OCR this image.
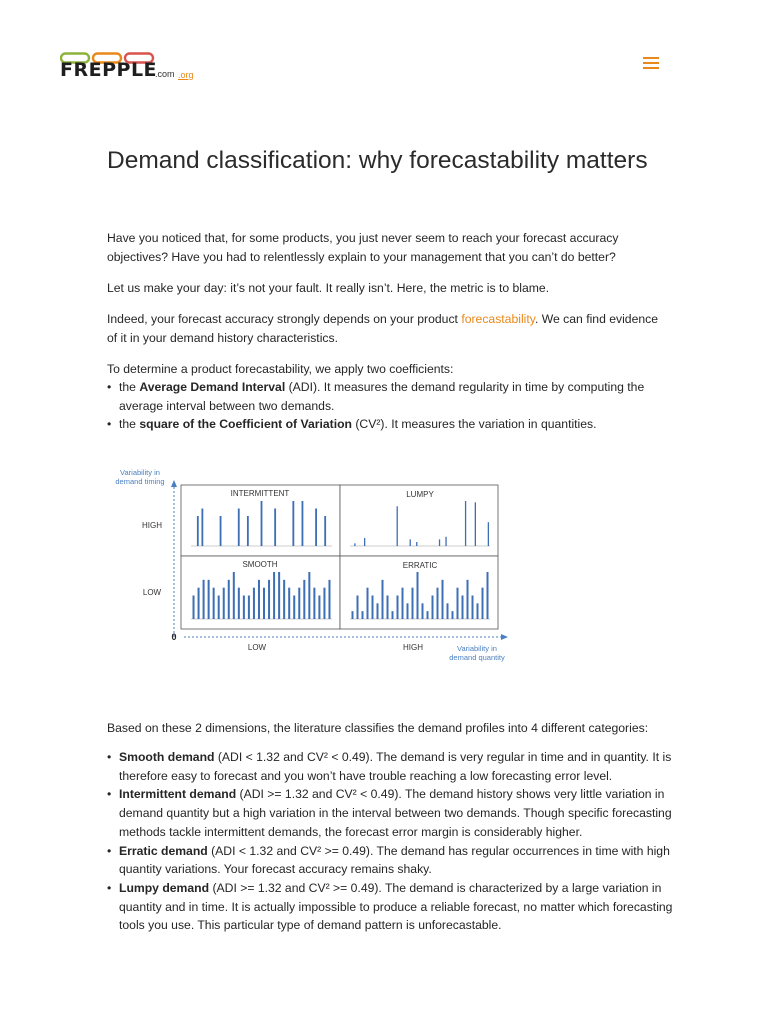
FREPPLE
.com .org
Demand classification: why forecastability matters

Have you noticed that, for some products, you just never seem to reach your forecast accuracy objectives? Have you had to relentlessly explain to your management that you can’t do better?

Let us make your day: it’s not your fault. It really isn’t. Here, the metric is to blame.

Indeed, your forecast accuracy strongly depends on your product forecastability. We can find evidence of it in your demand history characteristics.

To determine a product forecastability, we apply two coefficients:

• the Average Demand Interval (ADI). It measures the demand regularity in time by computing the average interval between two demands.
• the square of the Coefficient of Variation (CV²). It measures the variation in quantities.
Variability in demand timing
0
HIGH
LOW
LOW	HIGH	Variability in demand quantity
INTERMITTENT	LUMPY
SMOOTH	ERRATIC

Based on these 2 dimensions, the literature classifies the demand profiles into 4 different categories:

• Smooth demand (ADI < 1.32 and CV² < 0.49). The demand is very regular in time and in quantity. It is therefore easy to forecast and you won’t have trouble reaching a low forecasting error level.
• Intermittent demand (ADI >= 1.32 and CV² < 0.49). The demand history shows very little variation in demand quantity but a high variation in the interval between two demands. Though specific forecasting methods tackle intermittent demands, the forecast error margin is considerably higher.
• Erratic demand (ADI < 1.32 and CV² >= 0.49). The demand has regular occurrences in time with high quantity variations. Your forecast accuracy remains shaky.
• Lumpy demand (ADI >= 1.32 and CV² >= 0.49). The demand is characterized by a large variation in quantity and in time. It is actually impossible to produce a reliable forecast, no matter which forecasting tools you use. This particular type of demand pattern is unforecastable.
